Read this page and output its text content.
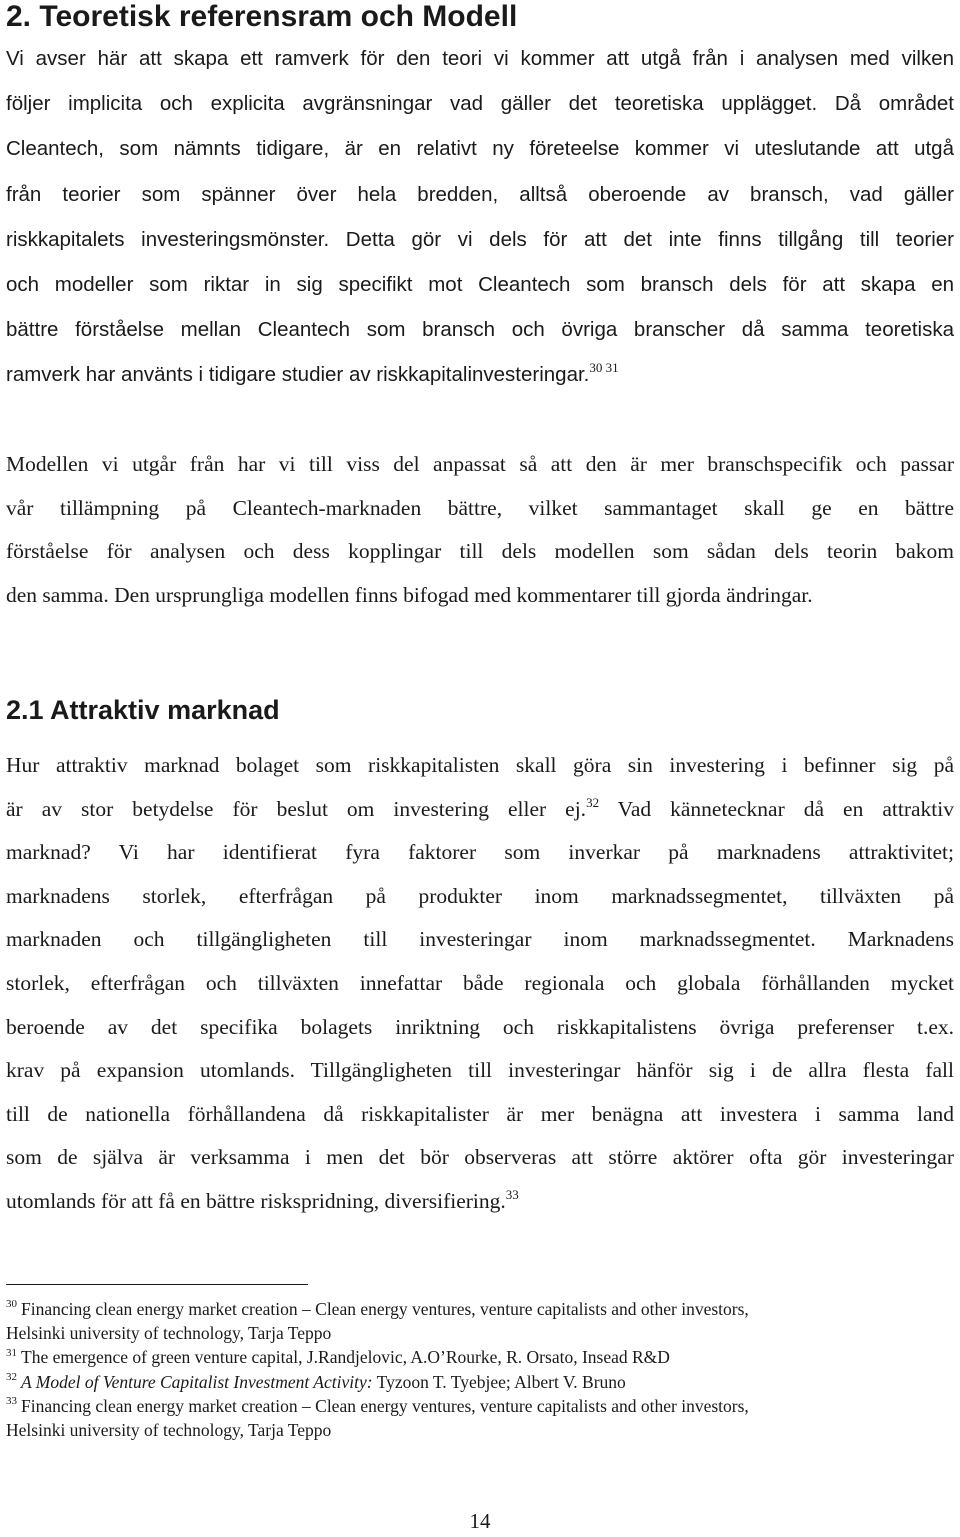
2. Teoretisk referensram och Modell
Vi avser här att skapa ett ramverk för den teori vi kommer att utgå från i analysen med vilken
följer implicita och explicita avgränsningar vad gäller det teoretiska upplägget. Då området
Cleantech, som nämnts tidigare, är en relativt ny företeelse kommer vi uteslutande att utgå
från teorier som spänner över hela bredden, alltså oberoende av bransch, vad gäller
riskkapitalets investeringsmönster. Detta gör vi dels för att det inte finns tillgång till teorier
och modeller som riktar in sig specifikt mot Cleantech som bransch dels för att skapa en
bättre förståelse mellan Cleantech som bransch och övriga branscher då samma teoretiska
ramverk har använts i tidigare studier av riskkapitalinvesteringar.$^{30 31}$
Modellen vi utgår från har vi till viss del anpassat så att den är mer branschspecifik och passar
vår tillämpning på Cleantech-marknaden bättre, vilket sammantaget skall ge en bättre
förståelse för analysen och dess kopplingar till dels modellen som sådan dels teorin bakom
den samma. Den ursprungliga modellen finns bifogad med kommentarer till gjorda ändringar.
2.1 Attraktiv marknad
Hur attraktiv marknad bolaget som riskkapitalisten skall göra sin investering i befinner sig på
är av stor betydelse för beslut om investering eller ej.$^{32}$ Vad kännetecknar då en attraktiv
marknad? Vi har identifierat fyra faktorer som inverkar på marknadens attraktivitet;
marknadens storlek, efterfrågan på produkter inom marknadssegmentet, tillväxten på
marknaden och tillgängligheten till investeringar inom marknadssegmentet. Marknadens
storlek, efterfrågan och tillväxten innefattar både regionala och globala förhållanden mycket
beroende av det specifika bolagets inriktning och riskkapitalistens övriga preferenser t.ex.
krav på expansion utomlands. Tillgängligheten till investeringar hänför sig i de allra flesta fall
till de nationella förhållandena då riskkapitalister är mer benägna att investera i samma land
som de själva är verksamma i men det bör observeras att större aktörer ofta gör investeringar
utomlands för att få en bättre riskspridning, diversifiering.$^{33}$
$^{30}$ Financing clean energy market creation – Clean energy ventures, venture capitalists and other investors,
Helsinki university of technology, Tarja Teppo
$^{31}$ The emergence of green venture capital, J.Randjelovic, A.O’Rourke, R. Orsato, Insead R&D
$^{32}$ A Model of Venture Capitalist Investment Activity: Tyzoon T. Tyebjee; Albert V. Bruno
$^{33}$ Financing clean energy market creation – Clean energy ventures, venture capitalists and other investors,
Helsinki university of technology, Tarja Teppo
14
